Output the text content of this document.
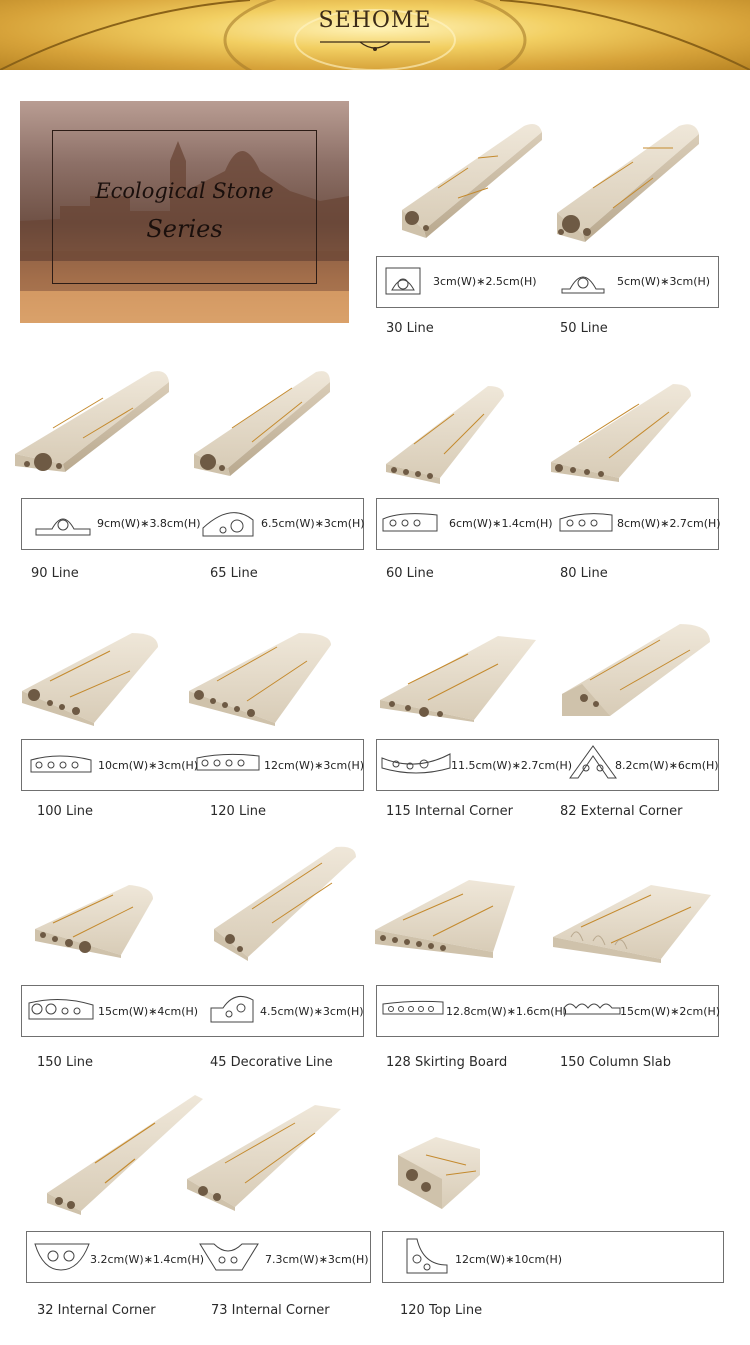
SEHOME
Ecological Stone
Series
3cm(W)∗2.5cm(H)	5cm(W)∗3cm(H)
30 Line	50 Line
9cm(W)∗3.8cm(H)	6.5cm(W)∗3cm(H)	6cm(W)∗1.4cm(H)	8cm(W)∗2.7cm(H)
90 Line	65 Line	60 Line	80 Line
10cm(W)∗3cm(H)	12cm(W)∗3cm(H)	11.5cm(W)∗2.7cm(H)	8.2cm(W)∗6cm(H)
100 Line	120 Line	115 Internal Corner	82 External Corner
15cm(W)∗4cm(H)	4.5cm(W)∗3cm(H)	12.8cm(W)∗1.6cm(H)	15cm(W)∗2cm(H)
150 Line	45 Decorative Line	128 Skirting Board	150 Column Slab
3.2cm(W)∗1.4cm(H)	7.3cm(W)∗3cm(H)	12cm(W)∗10cm(H)
32 Internal Corner	73 Internal Corner	120 Top Line
